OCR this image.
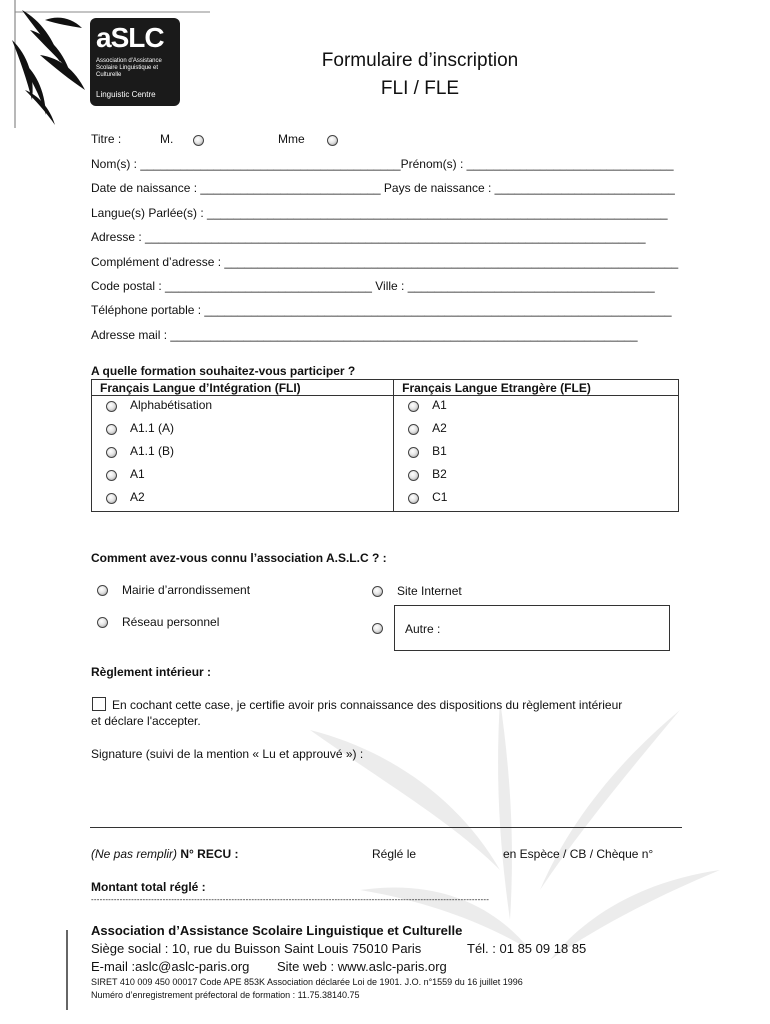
aSLC
Association d'Assistance Scolaire Linguistique et Culturelle
Linguistic Centre
Formulaire d’inscription
FLI / FLE
Titre :	M.	Mme
Nom(s) : _______________________________________Prénom(s) : _______________________________
Date de naissance : ___________________________ Pays de naissance : ___________________________
Langue(s) Parlée(s) : _____________________________________________________________________
Adresse : ___________________________________________________________________________
Complément d’adresse : ____________________________________________________________________
Code postal : _______________________________ Ville : _____________________________________
Téléphone portable : ______________________________________________________________________
Adresse mail : ______________________________________________________________________
A quelle formation souhaitez-vous participer ?
Français Langue d’Intégration (FLI)	Français Langue Etrangère (FLE)

Alphabétisation	A1

A1.1 (A)	A2

A1.1 (B)	B1

A1	B2

A2	C1
Comment avez-vous connu l’association A.S.L.C ? :
Mairie d’arrondissement
Réseau personnel
Site Internet
Autre :
Règlement intérieur :
En cochant cette case, je certifie avoir pris connaissance des dispositions du règlement intérieur
et déclare l'accepter.
Signature (suivi de la mention « Lu et approuvé ») :
(Ne pas remplir) N° RECU :	Réglé le	en Espèce / CB / Chèque n°
Montant total réglé :
-------------------------------------------------------------------------------------------------------------------------------------------
Association d’Assistance Scolaire Linguistique et Culturelle
Siège social : 10, rue du Buisson Saint Louis 75010 Paris	Tél. : 01 85 09 18 85
E-mail :aslc@aslc-paris.org Site web : www.aslc-paris.org
SIRET 410 009 450 00017 Code APE 853K Association déclarée Loi de 1901. J.O. n°1559 du 16 juillet 1996
Numéro d’enregistrement préfectoral de formation : 11.75.38140.75
